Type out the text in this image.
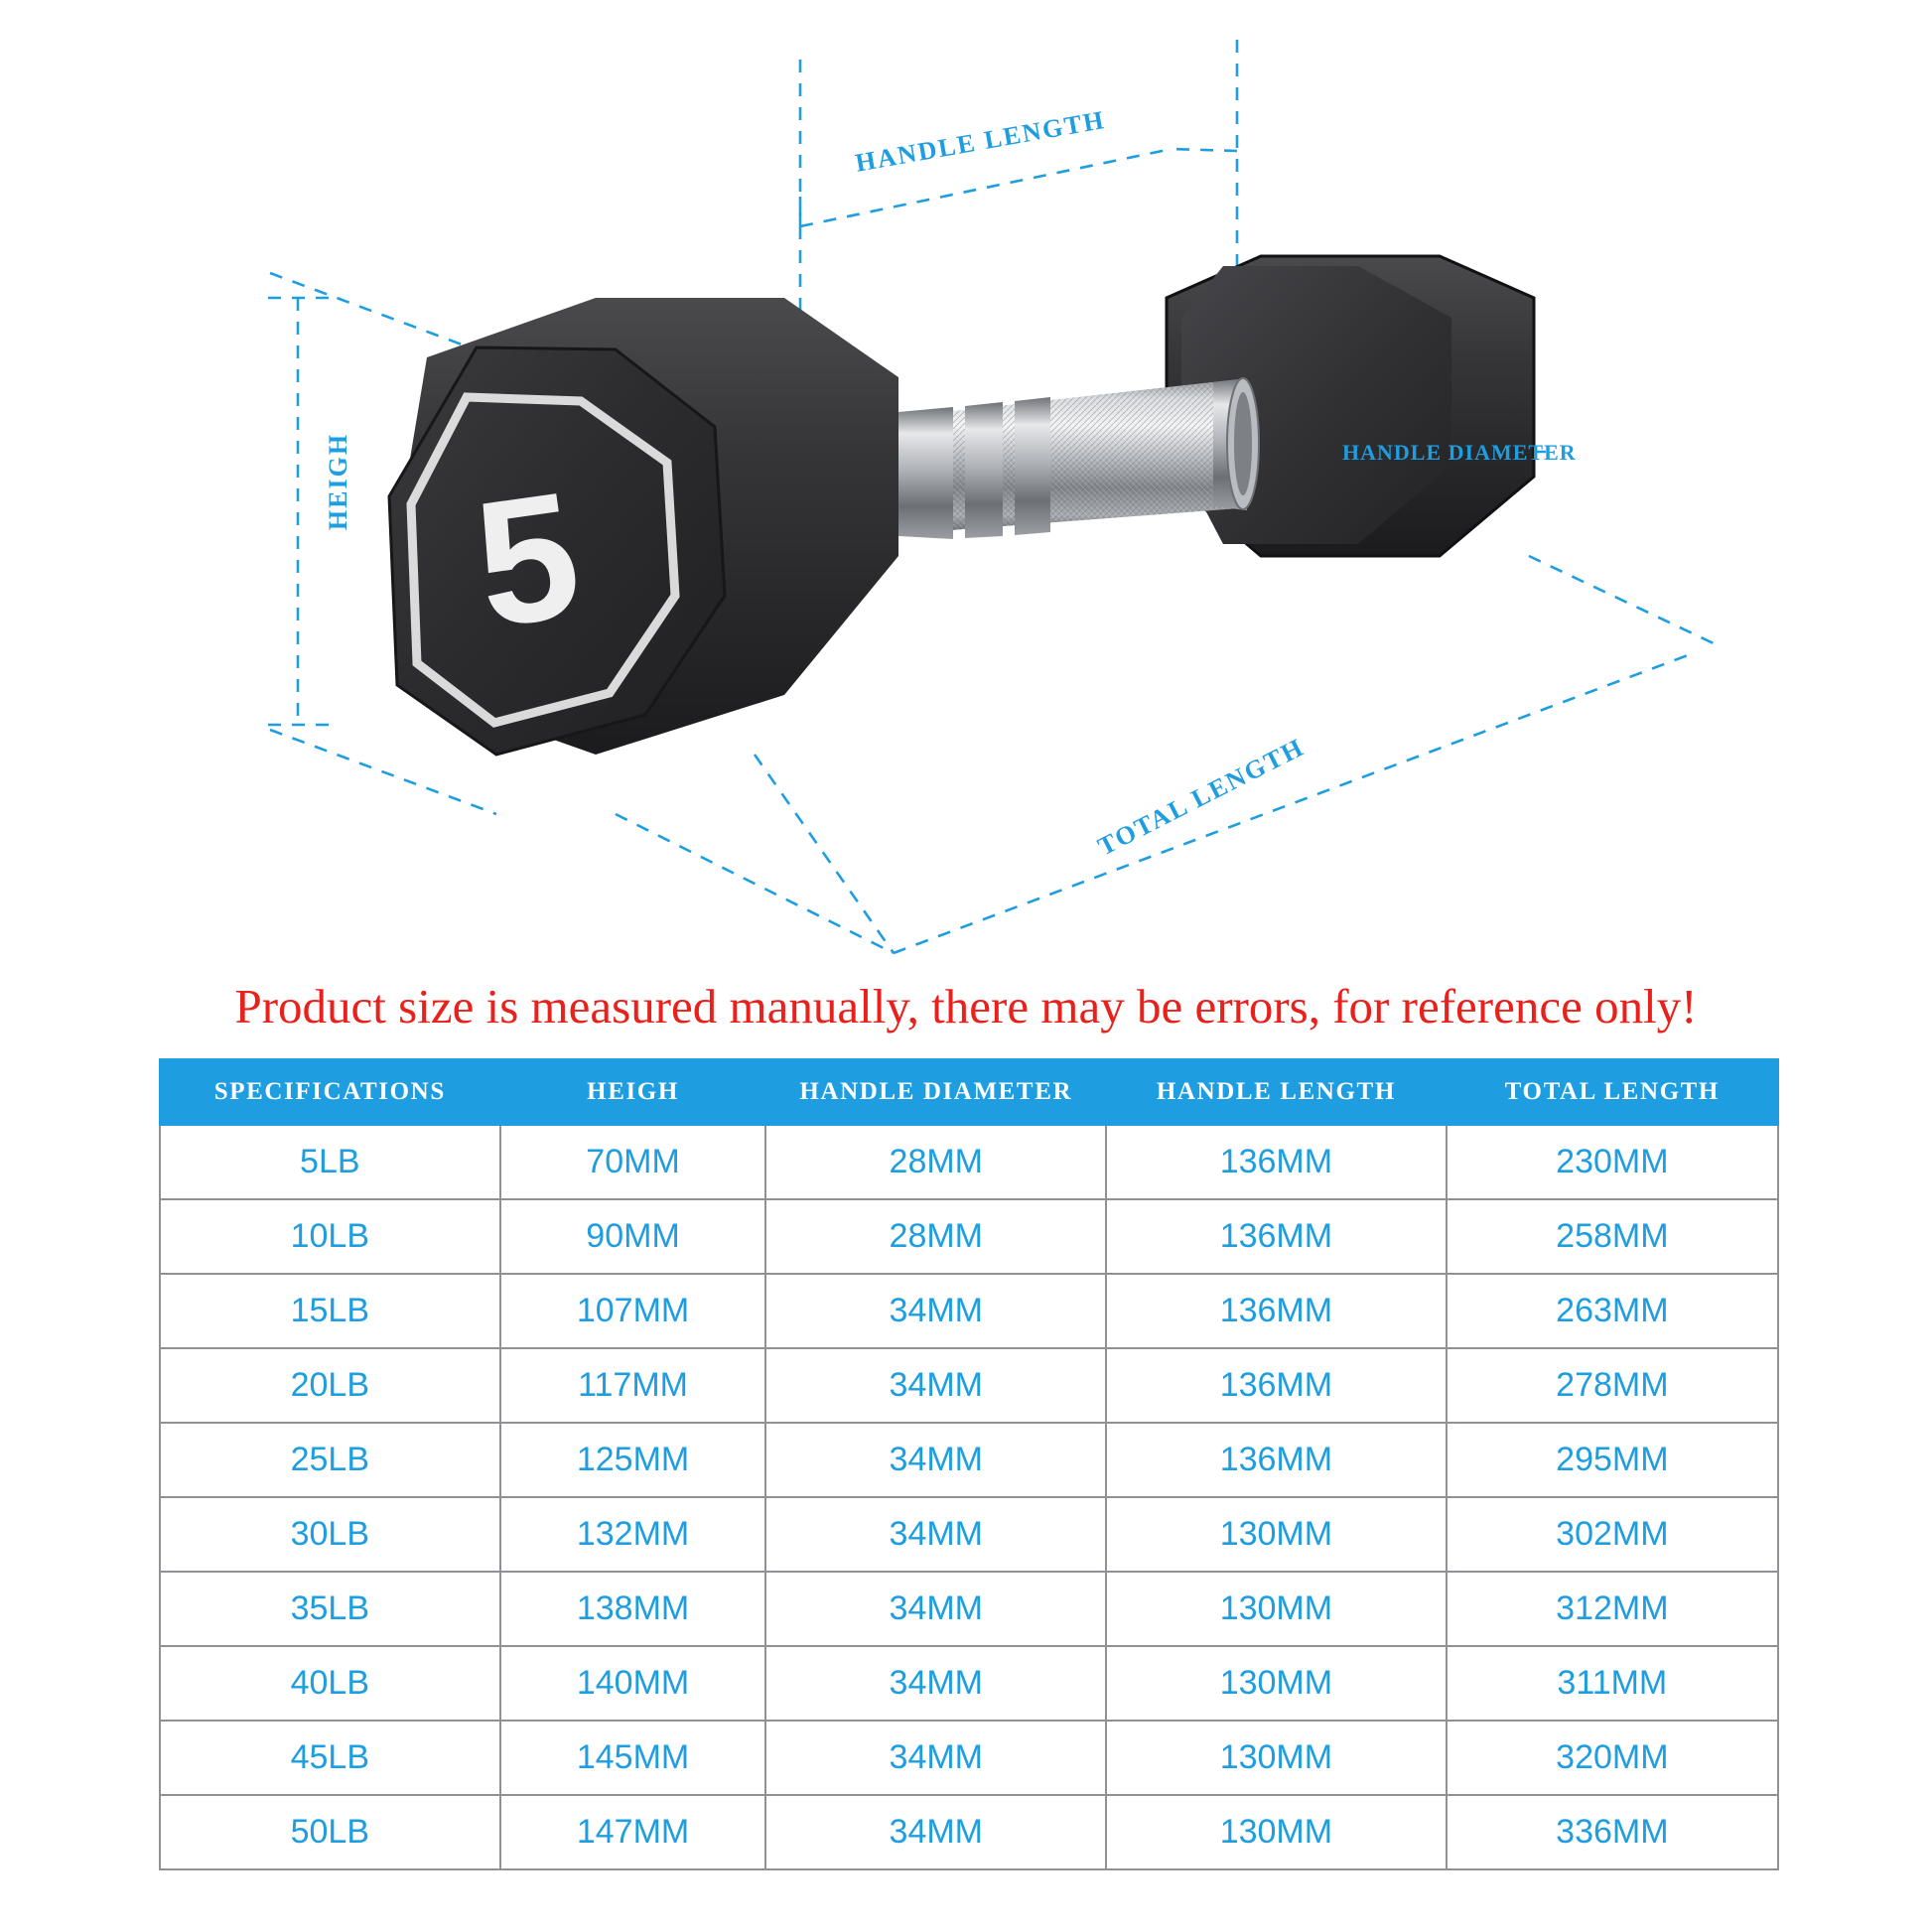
5
HANDLE LENGTH
HANDLE DIAMETER
TOTAL LENGTH
HEIGH
Product size is measured manually, there may be errors, for reference only!
SPECIFICATIONS	HEIGH	HANDLE DIAMETER	HANDLE LENGTH	TOTAL LENGTH
5LB	70MM	28MM	136MM	230MM
10LB	90MM	28MM	136MM	258MM
15LB	107MM	34MM	136MM	263MM
20LB	117MM	34MM	136MM	278MM
25LB	125MM	34MM	136MM	295MM
30LB	132MM	34MM	130MM	302MM
35LB	138MM	34MM	130MM	312MM
40LB	140MM	34MM	130MM	311MM
45LB	145MM	34MM	130MM	320MM
50LB	147MM	34MM	130MM	336MM
